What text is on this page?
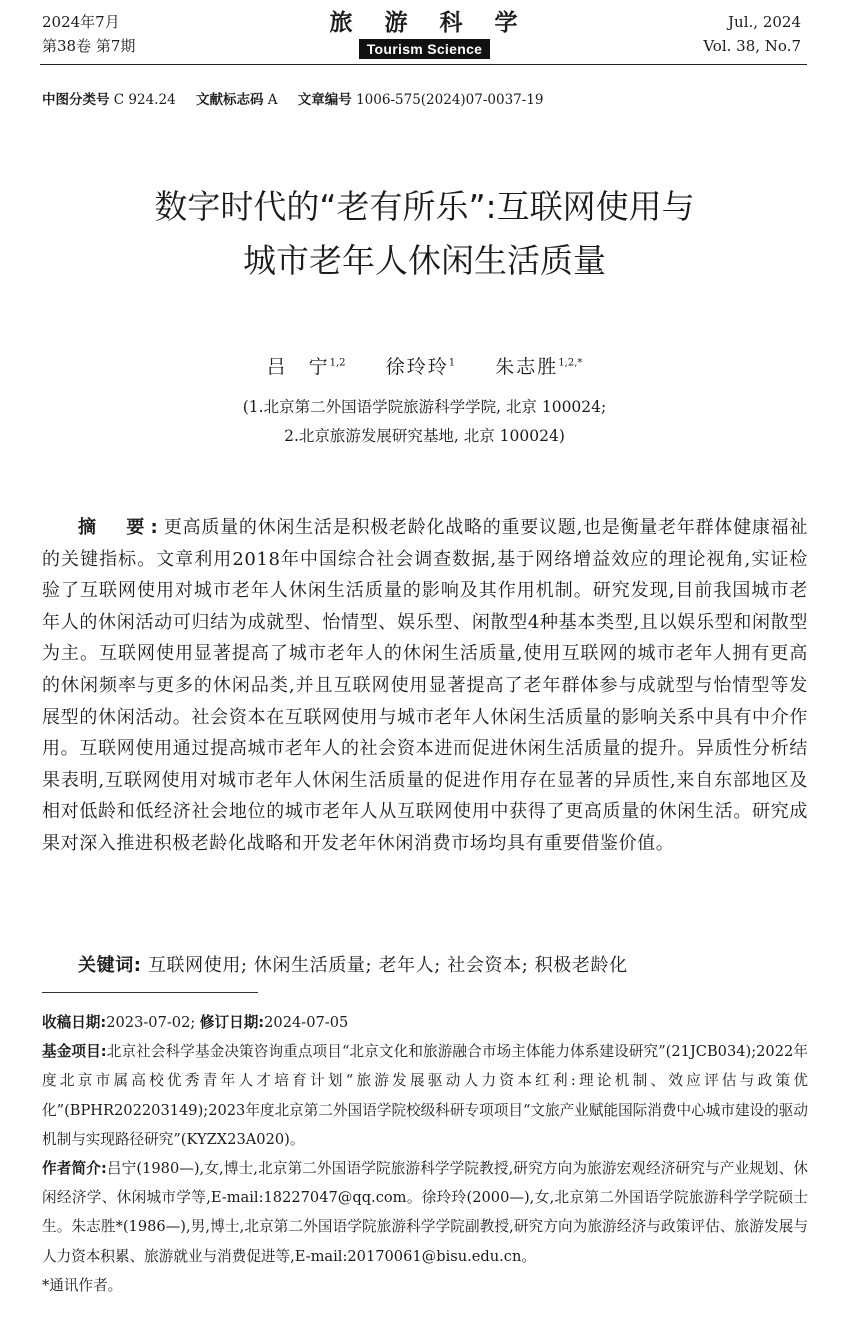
2024年7月
第38卷 第7期
旅 游 科 学
Tourism Science
Jul., 2024
Vol. 38, No.7
中图分类号 C 924.24 文献标志码 A 文章编号 1006-575(2024)07-0037-19
数字时代的“老有所乐”:互联网使用与
城市老年人休闲生活质量
吕　宁$^{1,2}$ 徐玲玲$^1$ 朱志胜$^{1,2,*}$
(1.北京第二外国语学院旅游科学学院, 北京 100024;
2.北京旅游发展研究基地, 北京 100024)
摘　要:更高质量的休闲生活是积极老龄化战略的重要议题,也是衡量老年群体健康福祉的关键指标。文章利用2018年中国综合社会调查数据,基于网络增益效应的理论视角,实证检验了互联网使用对城市老年人休闲生活质量的影响及其作用机制。研究发现,目前我国城市老年人的休闲活动可归结为成就型、怡情型、娱乐型、闲散型4种基本类型,且以娱乐型和闲散型为主。互联网使用显著提高了城市老年人的休闲生活质量,使用互联网的城市老年人拥有更高的休闲频率与更多的休闲品类,并且互联网使用显著提高了老年群体参与成就型与怡情型等发展型的休闲活动。社会资本在互联网使用与城市老年人休闲生活质量的影响关系中具有中介作用。互联网使用通过提高城市老年人的社会资本进而促进休闲生活质量的提升。异质性分析结果表明,互联网使用对城市老年人休闲生活质量的促进作用存在显著的异质性,来自东部地区及相对低龄和低经济社会地位的城市老年人从互联网使用中获得了更高质量的休闲生活。研究成果对深入推进积极老龄化战略和开发老年休闲消费市场均具有重要借鉴价值。
关键词: 互联网使用; 休闲生活质量; 老年人; 社会资本; 积极老龄化

收稿日期:2023-07-02; 修订日期:2024-07-05

基金项目:北京社会科学基金决策咨询重点项目“北京文化和旅游融合市场主体能力体系建设研究”(21JCB034);2022年度北京市属高校优秀青年人才培育计划“旅游发展驱动人力资本红利:理论机制、效应评估与政策优化”(BPHR202203149);2023年度北京第二外国语学院校级科研专项项目“文旅产业赋能国际消费中心城市建设的驱动机制与实现路径研究”(KYZX23A020)。

作者简介:吕宁(1980—),女,博士,北京第二外国语学院旅游科学学院教授,研究方向为旅游宏观经济研究与产业规划、休闲经济学、休闲城市学等,E-mail:18227047@qq.com。徐玲玲(2000—),女,北京第二外国语学院旅游科学学院硕士生。朱志胜*(1986—),男,博士,北京第二外国语学院旅游科学学院副教授,研究方向为旅游经济与政策评估、旅游发展与人力资本积累、旅游就业与消费促进等,E-mail:20170061@bisu.edu.cn。

*通讯作者。
